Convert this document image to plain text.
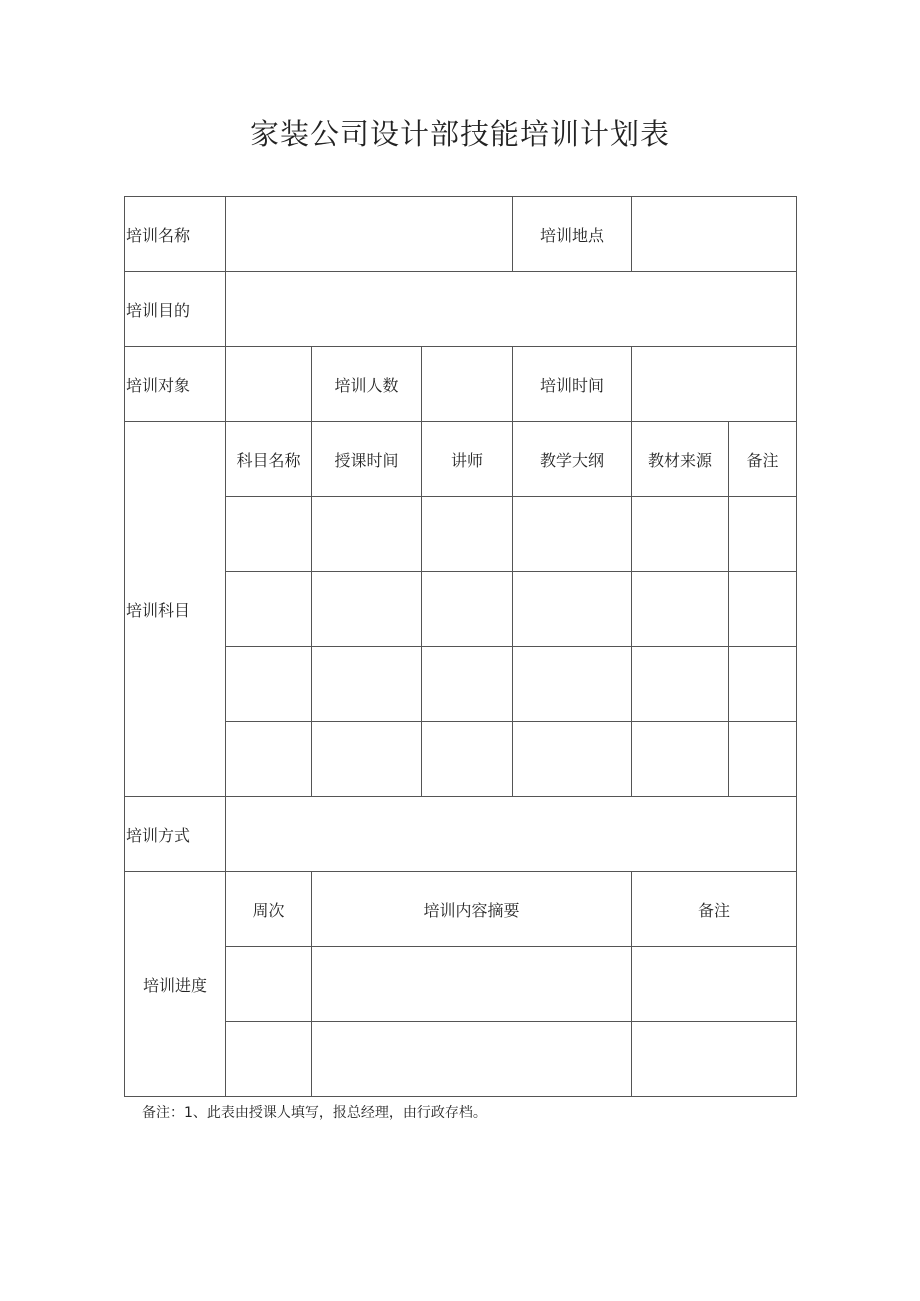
家装公司设计部技能培训计划表
培训名称				培训地点		
培训目的						
培训对象		培训人数		培训时间		
培训科目	科目名称	授课时间	讲师	教学大纲	教材来源	备注

培训方式						
培训进度	周次	培训内容摘要			备注	

备注：1、此表由授课人填写，报总经理，由行政存档。
